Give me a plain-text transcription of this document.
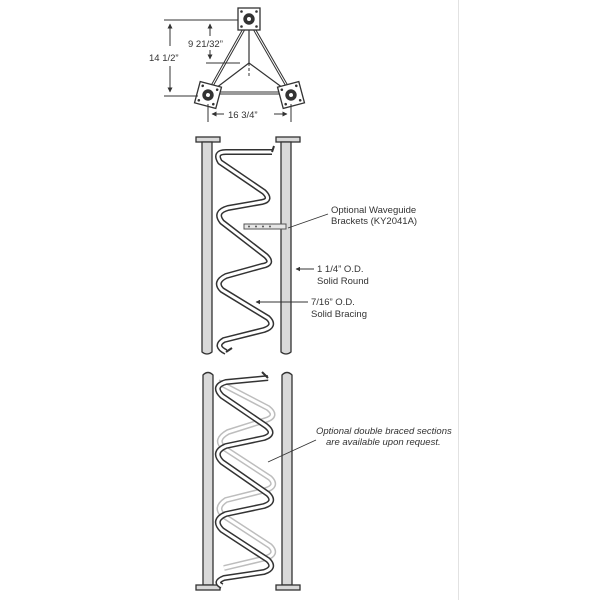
14 1/2”
9 21/32”
16 3/4”
Optional Waveguide
Brackets (KY2041A)
1 1/4” O.D.
Solid Round
7/16” O.D.
Solid Bracing
Optional double braced sections
are available upon request.
